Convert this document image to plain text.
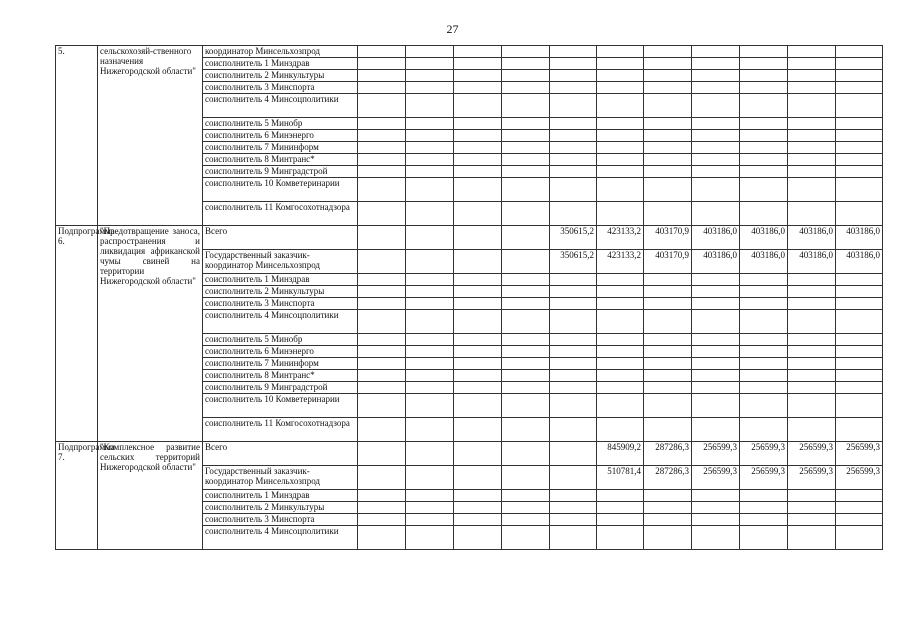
27
5.	сельскохозяй-ственного назначения Нижегородской области"	координатор Минсельхозпрод											
		соисполнитель 1 Минздрав											
		соисполнитель 2 Минкультуры											
		соисполнитель 3 Минспорта											
		соисполнитель 4 Минсоцполитики											
		соисполнитель 5 Минобр											
		соисполнитель 6 Минэнерго											
		соисполнитель 7 Мининформ											
		соисполнитель 8 Минтранс*											
		соисполнитель 9 Минградстрой											
		соисполнитель 10 Комветеринарии											
		соисполнитель 11 Комгосохотнадзора											
Подпрограмма 6.	"Предотвращение заноса, распространения и ликвидация африканской чумы свиней на территории Нижегородской области"	Всего					350615,2	423133,2	403170,9	403186,0	403186,0	403186,0	403186,0
		Государственный заказчик-координатор Минсельхозпрод					350615,2	423133,2	403170,9	403186,0	403186,0	403186,0	403186,0
		соисполнитель 1 Минздрав											
		соисполнитель 2 Минкультуры											
		соисполнитель 3 Минспорта											
		соисполнитель 4 Минсоцполитики											
		соисполнитель 5 Минобр											
		соисполнитель 6 Минэнерго											
		соисполнитель 7 Мининформ											
		соисполнитель 8 Минтранс*											
		соисполнитель 9 Минградстрой											
		соисполнитель 10 Комветеринарии											
		соисполнитель 11 Комгосохотнадзора											
Подпрограмма 7.	"Комплексное развитие сельских территорий Нижегородской области"	Всего						845909,2	287286,3	256599,3	256599,3	256599,3	256599,3
		Государственный заказчик-координатор Минсельхозпрод						510781,4	287286,3	256599,3	256599,3	256599,3	256599,3
		соисполнитель 1 Минздрав											
		соисполнитель 2 Минкультуры											
		соисполнитель 3 Минспорта											
		соисполнитель 4 Минсоцполитики											
